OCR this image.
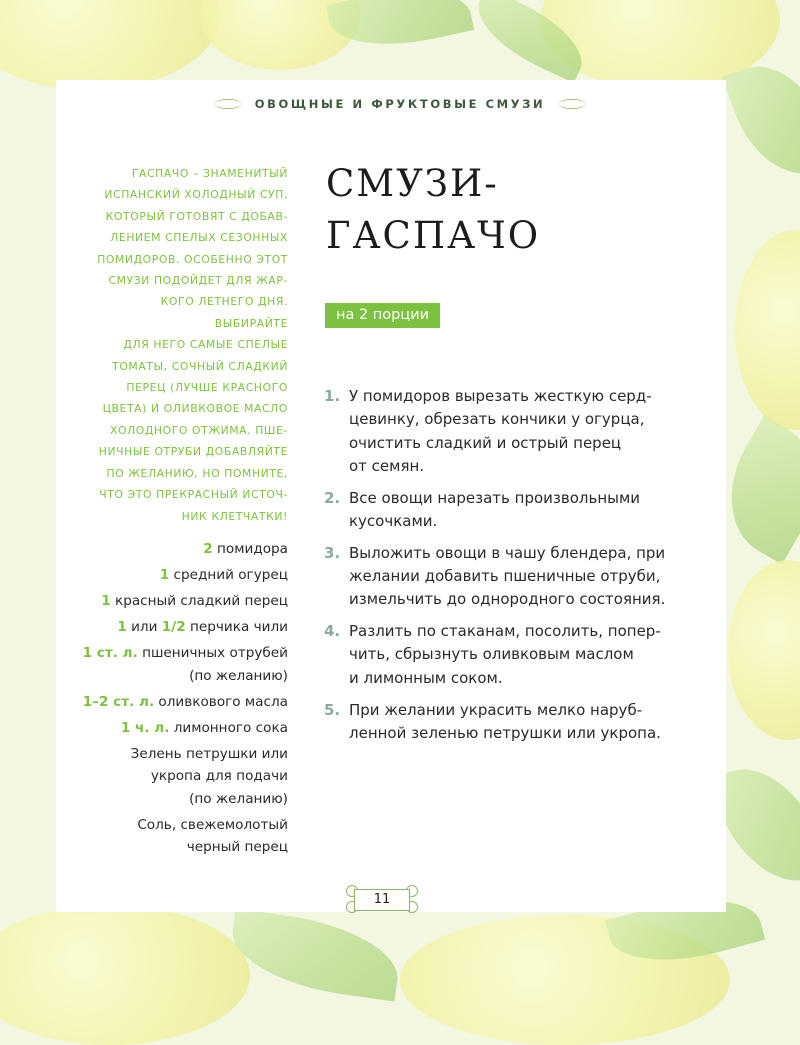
ОВОЩНЫЕ И ФРУКТОВЫЕ СМУЗИ
ГАСПАЧО – ЗНАМЕНИТЫЙ
ИСПАНСКИЙ ХОЛОДНЫЙ СУП,
КОТОРЫЙ ГОТОВЯТ С ДОБАВ-
ЛЕНИЕМ СПЕЛЫХ СЕЗОННЫХ
ПОМИДОРОВ. ОСОБЕННО ЭТОТ
СМУЗИ ПОДОЙДЕТ ДЛЯ ЖАР-
КОГО ЛЕТНЕГО ДНЯ. ВЫБИРАЙТЕ
ДЛЯ НЕГО САМЫЕ СПЕЛЫЕ
ТОМАТЫ, СОЧНЫЙ СЛАДКИЙ
ПЕРЕЦ (ЛУЧШЕ КРАСНОГО
ЦВЕТА) И ОЛИВКОВОЕ МАСЛО
ХОЛОДНОГО ОТЖИМА. ПШЕ-
НИЧНЫЕ ОТРУБИ ДОБАВЛЯЙТЕ
ПО ЖЕЛАНИЮ, НО ПОМНИТЕ,
ЧТО ЭТО ПРЕКРАСНЫЙ ИСТОЧ-
НИК КЛЕТЧАТКИ!
СМУЗИ-
ГАСПАЧО
на 2 порции
2 помидора
1 средний огурец
1 красный сладкий перец
1 или 1/2 перчика чили
1 ст. л. пшеничных отрубей
(по желанию)
1–2 ст. л. оливкового масла
1 ч. л. лимонного сока
Зелень петрушки или
укропа для подачи
(по желанию)
Соль, свежемолотый
черный перец
1. У помидоров вырезать жесткую серд-
цевинку, обрезать кончики у огурца,
очистить сладкий и острый перец
от семян.
2. Все овощи нарезать произвольными
кусочками.
3. Выложить овощи в чашу блендера, при
желании добавить пшеничные отруби,
измельчить до однородного состояния.
4. Разлить по стаканам, посолить, попер-
чить, сбрызнуть оливковым маслом
и лимонным соком.
5. При желании украсить мелко наруб-
ленной зеленью петрушки или укропа.
11
